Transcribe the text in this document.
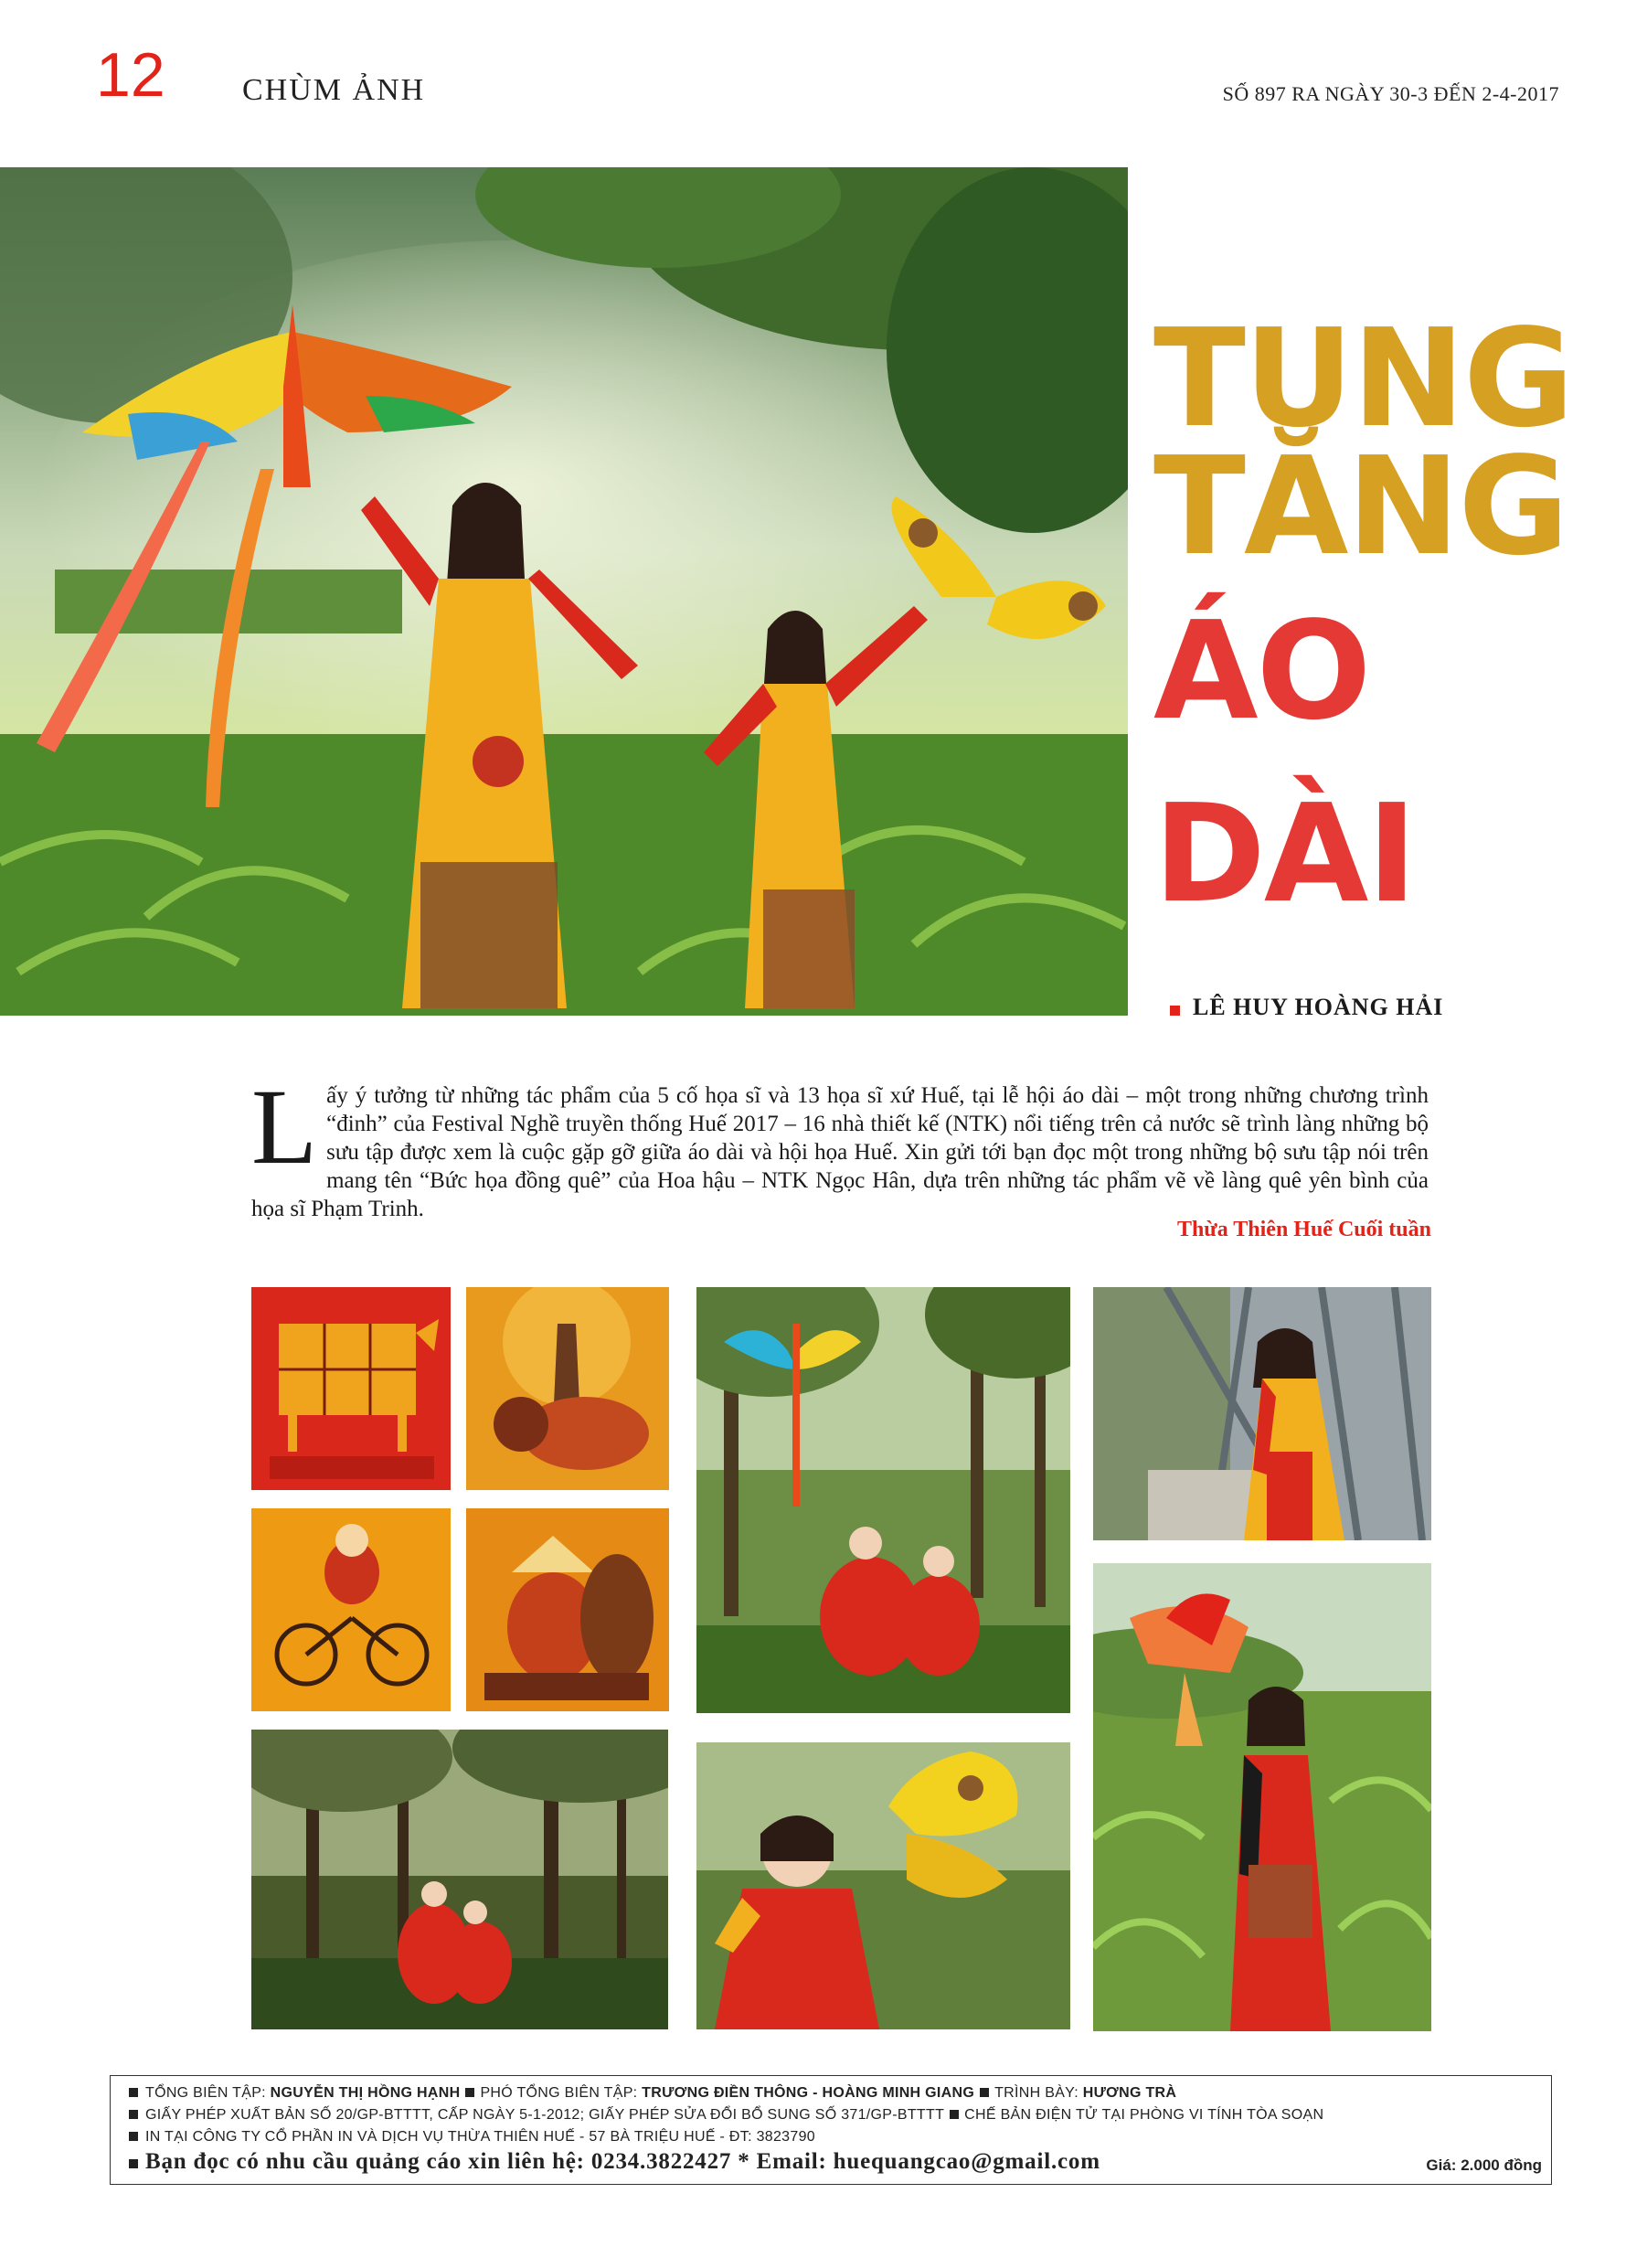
12 CHÙM ẢNH	SỐ 897 RA NGÀY 30-3 ĐẾN 2-4-2017
TUNG
TĂNG
ÁO
DÀI
LÊ HUY HOÀNG HẢI
Lấy ý tưởng từ những tác phẩm của 5 cố họa sĩ và 13 họa sĩ xứ Huế, tại lễ hội áo dài – một trong những chương trình “đinh” của Festival Nghề truyền thống Huế 2017 – 16 nhà thiết kế (NTK) nổi tiếng trên cả nước sẽ trình làng những bộ sưu tập được xem là cuộc gặp gỡ giữa áo dài và hội họa Huế. Xin gửi tới bạn đọc một trong những bộ sưu tập nói trên mang tên “Bức họa đồng quê” của Hoa hậu – NTK Ngọc Hân, dựa trên những tác phẩm vẽ về làng quê yên bình của họa sĩ Phạm Trinh.
Thừa Thiên Huế Cuối tuần
TỔNG BIÊN TẬP: NGUYỄN THỊ HỒNG HẠNH PHÓ TỔNG BIÊN TẬP: TRƯƠNG ĐIỀN THÔNG - HOÀNG MINH GIANG TRÌNH BÀY: HƯƠNG TRÀ
GIẤY PHÉP XUẤT BẢN SỐ 20/GP-BTTTT, CẤP NGÀY 5-1-2012; GIẤY PHÉP SỬA ĐỔI BỔ SUNG SỐ 371/GP-BTTTT CHẾ BẢN ĐIỆN TỬ TẠI PHÒNG VI TÍNH TÒA SOẠN
IN TẠI CÔNG TY CỔ PHẦN IN VÀ DỊCH VỤ THỪA THIÊN HUẾ - 57 BÀ TRIỆU HUẾ - ĐT: 3823790
Bạn đọc có nhu cầu quảng cáo xin liên hệ: 0234.3822427 * Email: huequangcao@gmail.com	Giá: 2.000 đồng
